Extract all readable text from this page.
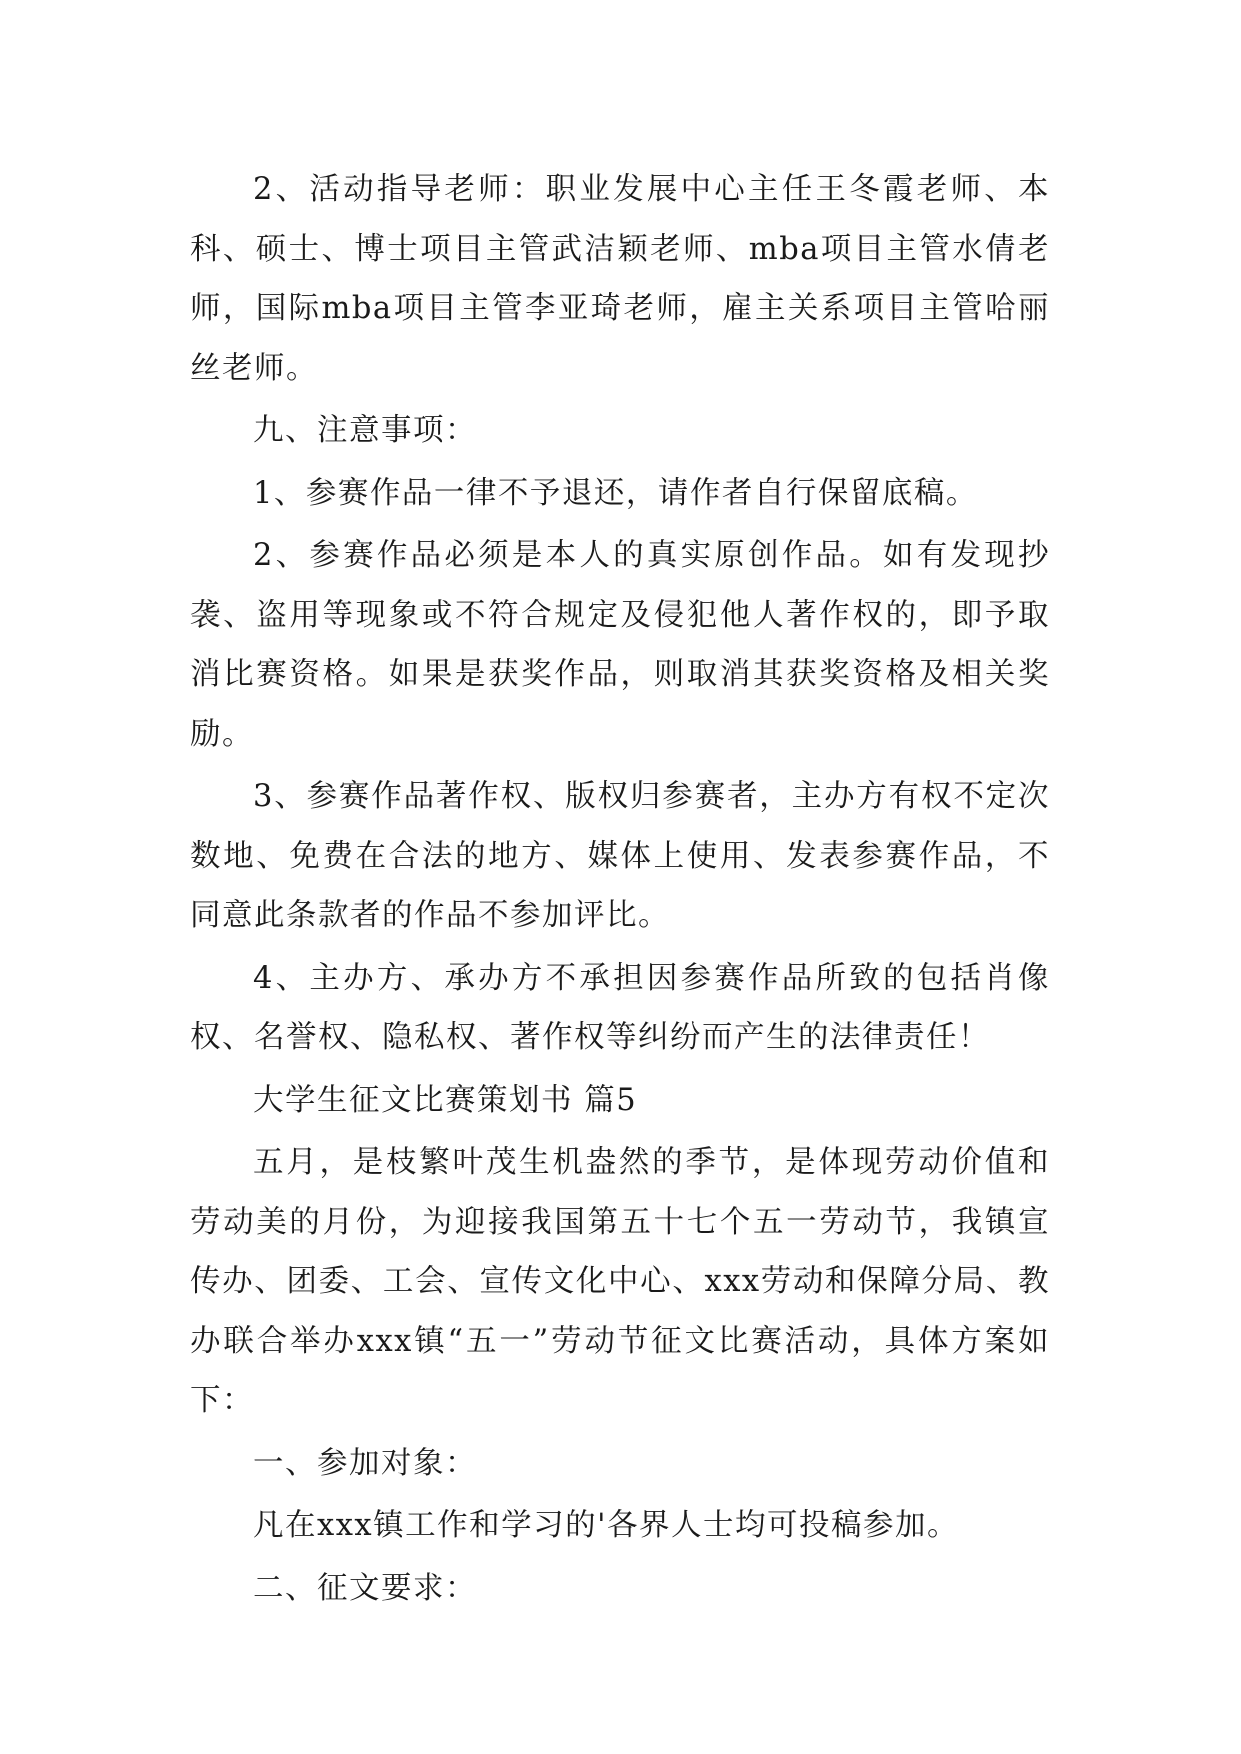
2、活动指导老师：职业发展中心主任王冬霞老师、本科、硕士、博士项目主管武洁颖老师、mba项目主管水倩老师，国际mba项目主管李亚琦老师，雇主关系项目主管哈丽丝老师。

九、注意事项：

1、参赛作品一律不予退还，请作者自行保留底稿。

2、参赛作品必须是本人的真实原创作品。如有发现抄袭、盗用等现象或不符合规定及侵犯他人著作权的，即予取消比赛资格。如果是获奖作品，则取消其获奖资格及相关奖励。

3、参赛作品著作权、版权归参赛者，主办方有权不定次数地、免费在合法的地方、媒体上使用、发表参赛作品，不同意此条款者的作品不参加评比。

4、主办方、承办方不承担因参赛作品所致的包括肖像权、名誉权、隐私权、著作权等纠纷而产生的法律责任！

大学生征文比赛策划书 篇5

五月，是枝繁叶茂生机盎然的季节，是体现劳动价值和劳动美的月份，为迎接我国第五十七个五一劳动节，我镇宣传办、团委、工会、宣传文化中心、xxx劳动和保障分局、教办联合举办xxx镇“五一”劳动节征文比赛活动，具体方案如下：

一、参加对象：

凡在xxx镇工作和学习的'各界人士均可投稿参加。

二、征文要求：
